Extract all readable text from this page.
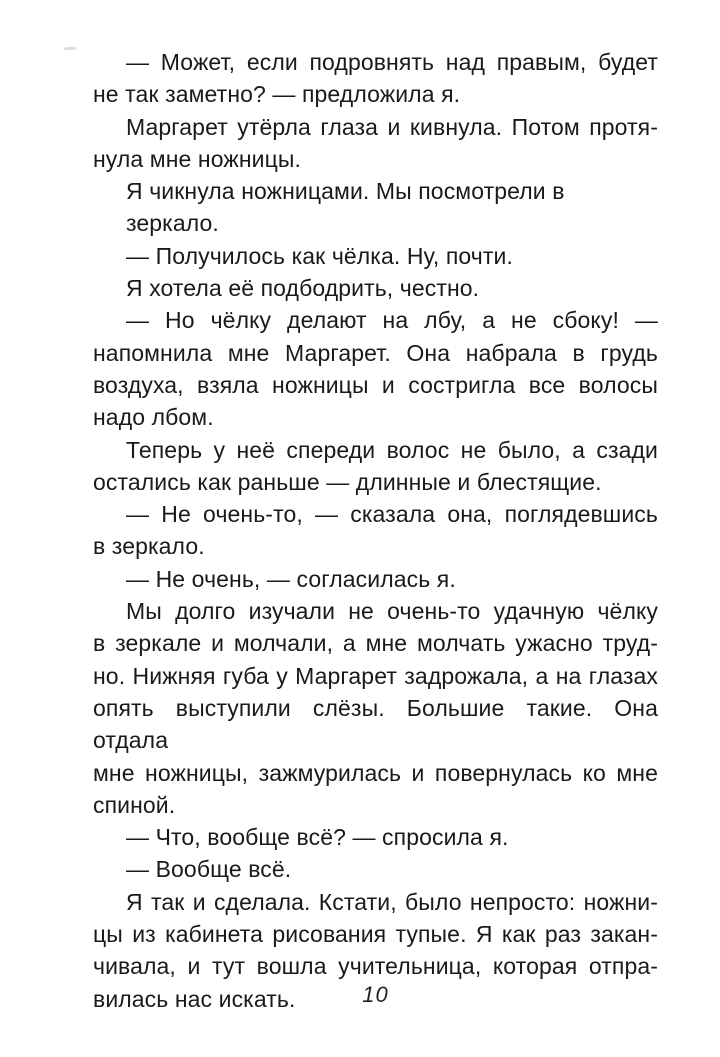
— Может, если подровнять над правым, будет
не так заметно? — предложила я.
Маргарет утёрла глаза и кивнула. Потом протя-
нула мне ножницы.
Я чикнула ножницами. Мы посмотрели в зеркало.
— Получилось как чёлка. Ну, почти.
Я хотела её подбодрить, честно.
— Но чёлку делают на лбу, а не сбоку! —
напомнила мне Маргарет. Она набрала в грудь
воздуха, взяла ножницы и состригла все волосы
надо лбом.
Теперь у неё спереди волос не было, а сзади
остались как раньше — длинные и блестящие.
— Не очень-то, — сказала она, поглядевшись
в зеркало.
— Не очень, — согласилась я.
Мы долго изучали не очень-то удачную чёлку
в зеркале и молчали, а мне молчать ужасно труд-
но. Нижняя губа у Маргарет задрожала, а на глазах
опять выступили слёзы. Большие такие. Она отдала
мне ножницы, зажмурилась и повернулась ко мне
спиной.
— Что, вообще всё? — спросила я.
— Вообще всё.
Я так и сделала. Кстати, было непросто: ножни-
цы из кабинета рисования тупые. Я как раз закан-
чивала, и тут вошла учительница, которая отпра-
вилась нас искать.	10
